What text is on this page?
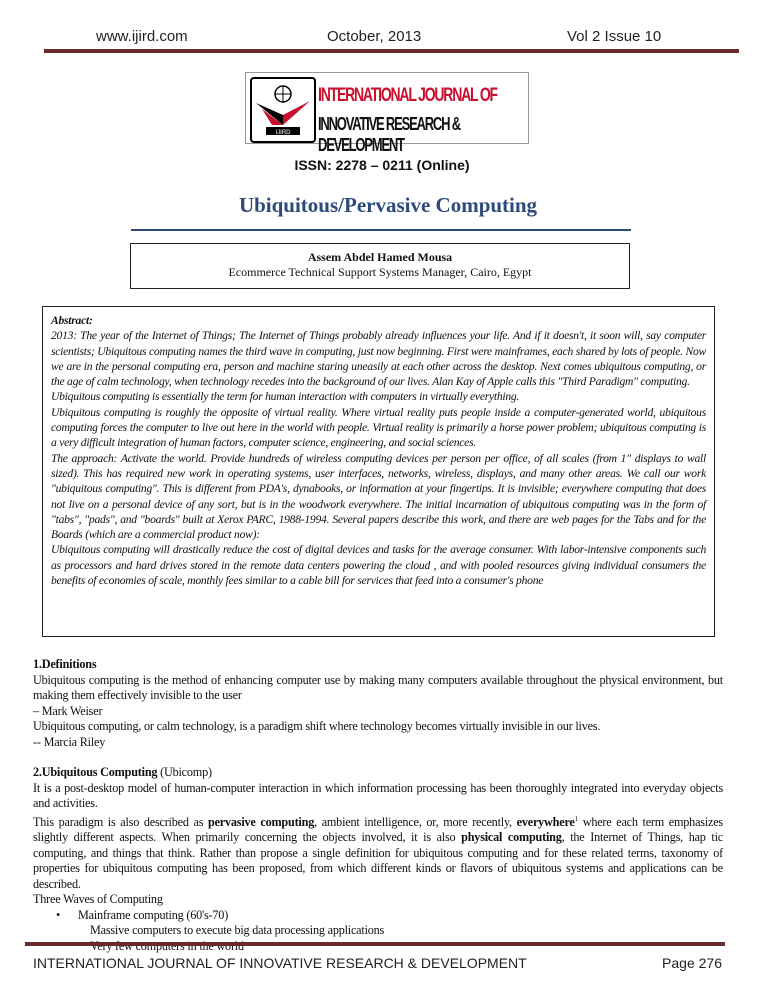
www.ijird.com	October, 2013	Vol 2 Issue 10
IJIRD
INTERNATIONAL JOURNAL OF
INNOVATIVE RESEARCH & DEVELOPMENT
ISSN: 2278 – 0211 (Online)
Ubiquitous/Pervasive Computing
Assem Abdel Hamed Mousa
Ecommerce Technical Support Systems Manager, Cairo, Egypt

Abstract:

2013: The year of the Internet of Things; The Internet of Things probably already influences your life. And if it doesn't, it soon will, say computer scientists; Ubiquitous computing names the third wave in computing, just now beginning. First were mainframes, each shared by lots of people. Now we are in the personal computing era, person and machine staring uneasily at each other across the desktop. Next comes ubiquitous computing, or the age of calm technology, when technology recedes into the background of our lives. Alan Kay of Apple calls this "Third Paradigm" computing.

Ubiquitous computing is essentially the term for human interaction with computers in virtually everything.

Ubiquitous computing is roughly the opposite of virtual reality. Where virtual reality puts people inside a computer-generated world, ubiquitous computing forces the computer to live out here in the world with people. Virtual reality is primarily a horse power problem; ubiquitous computing is a very difficult integration of human factors, computer science, engineering, and social sciences.

The approach: Activate the world. Provide hundreds of wireless computing devices per person per office, of all scales (from 1" displays to wall sized). This has required new work in operating systems, user interfaces, networks, wireless, displays, and many other areas. We call our work "ubiquitous computing". This is different from PDA's, dynabooks, or information at your fingertips. It is invisible; everywhere computing that does not live on a personal device of any sort, but is in the woodwork everywhere. The initial incarnation of ubiquitous computing was in the form of "tabs", "pads", and "boards" built at Xerox PARC, 1988-1994. Several papers describe this work, and there are web pages for the Tabs and for the Boards (which are a commercial product now):

Ubiquitous computing will drastically reduce the cost of digital devices and tasks for the average consumer. With labor-intensive components such as processors and hard drives stored in the remote data centers powering the cloud , and with pooled resources giving individual consumers the benefits of economies of scale, monthly fees similar to a cable bill for services that feed into a consumer's phone

1.Definitions

Ubiquitous computing is the method of enhancing computer use by making many computers available throughout the physical environment, but making them effectively invisible to the user

– Mark Weiser

Ubiquitous computing, or calm technology, is a paradigm shift where technology becomes virtually invisible in our lives.

-- Marcia Riley

2.Ubiquitous Computing (Ubicomp)

It is a post-desktop model of human-computer interaction in which information processing has been thoroughly integrated into everyday objects and activities.

This paradigm is also described as pervasive computing, ambient intelligence, or, more recently, everywhere$^1$ where each term emphasizes slightly different aspects. When primarily concerning the objects involved, it is also physical computing, the Internet of Things, hap tic computing, and things that think. Rather than propose a single definition for ubiquitous computing and for these related terms, taxonomy of properties for ubiquitous computing has been proposed, from which different kinds or flavors of ubiquitous systems and applications can be described.

Three Waves of Computing

• Mainframe computing (60's-70)

Massive computers to execute big data processing applications

INTERNATIONAL JOURNAL OF INNOVATIVE RESEARCH & DEVELOPMENT	Page 276
